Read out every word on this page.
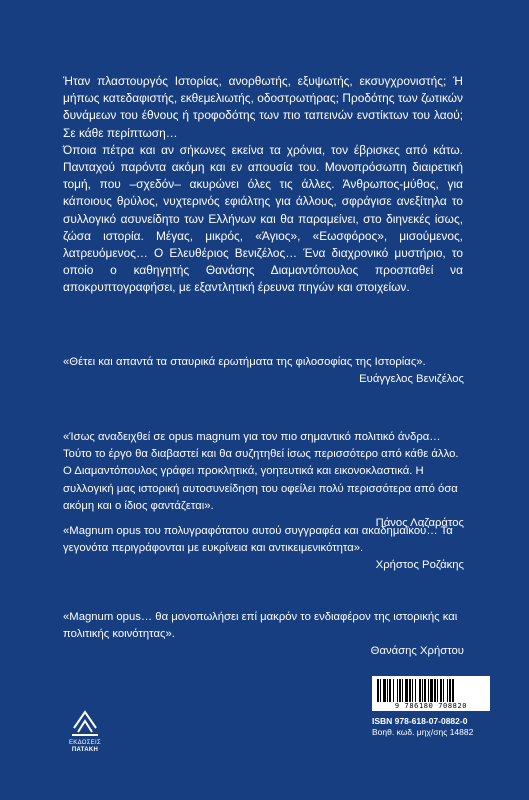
Ήταν πλαστουργός Ιστορίας, ανορθωτής, εξυψωτής, εκσυγχρονιστής; Ή μήπως κατεδαφιστής, εκθεμελιωτής, οδοστρωτήρας; Προδότης των ζωτικών δυνάμεων του έθνους ή τροφοδότης των πιο ταπεινών ενστίκτων του λαού; Σε κάθε περίπτωση…

Όποια πέτρα και αν σήκωνες εκείνα τα χρόνια, τον έβρισκες από κάτω. Πανταχού παρόντα ακόμη και εν απουσία του. Μονοπρόσωπη διαιρετική τομή, που –σχεδόν– ακυρώνει όλες τις άλλες. Άνθρωπος-μύθος, για κάποιους θρύλος, νυχτερινός εφιάλτης για άλλους, σφράγισε ανεξίτηλα το συλλογικό ασυνείδητο των Ελλήνων και θα παραμείνει, στο διηνεκές ίσως, ζώσα ιστορία. Μέγας, μικρός, «Άγιος», «Εωσφόρος», μισούμενος, λατρευόμενος… Ο Ελευθέριος Βενιζέλος… Ένα διαχρονικό μυστήριο, το οποίο ο καθηγητής Θανάσης Διαμαντόπουλος προσπαθεί να αποκρυπτογραφήσει, με εξαντλητική έρευνα πηγών και στοιχείων.

«Θέτει και απαντά τα σταυρικά ερωτήματα της φιλοσοφίας της Ιστορίας».

Ευάγγελος Βενιζέλος

«Ίσως αναδειχθεί σε opus magnum για τον πιο σημαντικό πολιτικό άνδρα… Τούτο το έργο θα διαβαστεί και θα συζητηθεί ίσως περισσότερο από κάθε άλλο. Ο Διαμαντόπουλος γράφει προκλητικά, γοητευτικά και εικονοκλαστικά. Η συλλογική μας ιστορική αυτοσυνείδηση του οφείλει πολύ περισσότερα από όσα ακόμη και ο ίδιος φαντάζεται».

Πάνος Λαζαράτος

«Magnum opus του πολυγραφότατου αυτού συγγραφέα και ακαδημαϊκού… Τα γεγονότα περιγράφονται με ευκρίνεια και αντικειμενικότητα».

Χρήστος Ροζάκης

«Magnum opus… θα μονοπωλήσει επί μακρόν το ενδιαφέρον της ιστορικής και πολιτικής κοινότητας».

Θανάσης Χρήστου

ΕΚΔΟΣΕΙΣ
ΠΑΤΑΚΗ
9 786180 708820
ISBN 978-618-07-0882-0
Βοηθ. κωδ. μηχ/σης 14882
